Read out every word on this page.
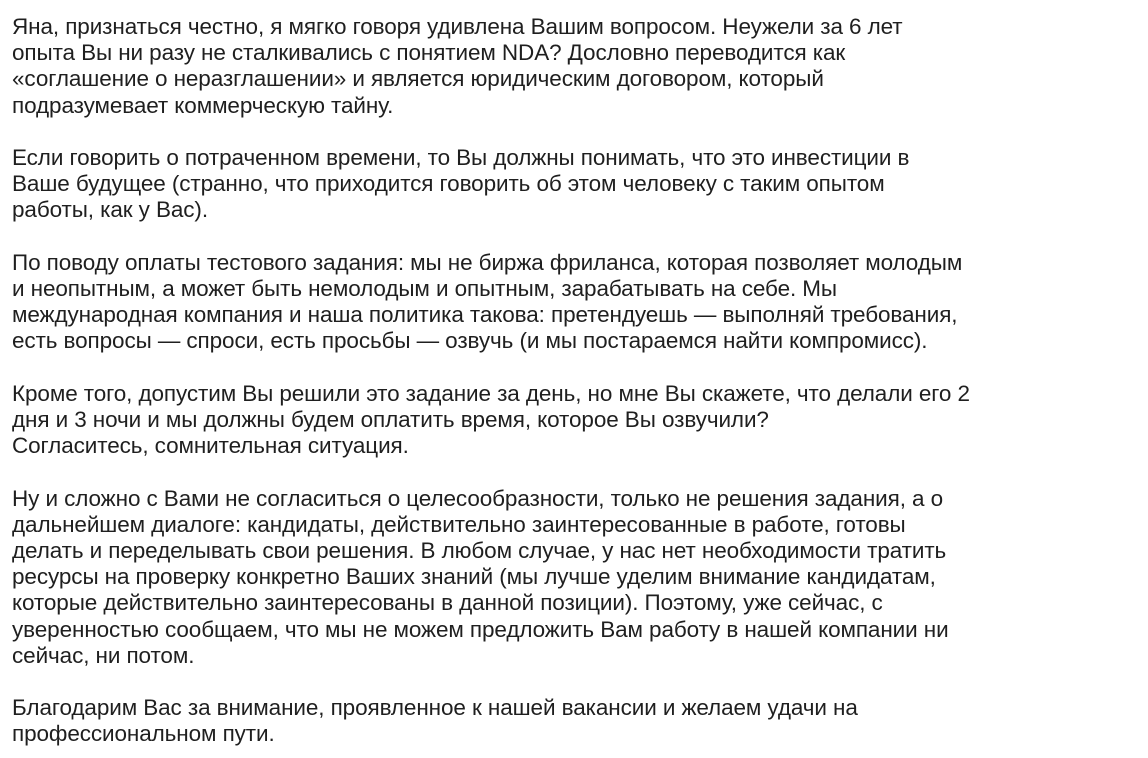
Яна, признаться честно, я мягко говоря удивлена Вашим вопросом. Неужели за 6 лет
опыта Вы ни разу не сталкивались с понятием NDA? Дословно переводится как
«соглашение о неразглашении» и является юридическим договором, который
подразумевает коммерческую тайну.

Если говорить о потраченном времени, то Вы должны понимать, что это инвестиции в
Ваше будущее (странно, что приходится говорить об этом человеку с таким опытом
работы, как у Вас).

По поводу оплаты тестового задания: мы не биржа фриланса, которая позволяет молодым
и неопытным, а может быть немолодым и опытным, зарабатывать на себе. Мы
международная компания и наша политика такова: претендуешь — выполняй требования,
есть вопросы — спроси, есть просьбы — озвучь (и мы постараемся найти компромисс).

Кроме того, допустим Вы решили это задание за день, но мне Вы скажете, что делали его 2
дня и 3 ночи и мы должны будем оплатить время, которое Вы озвучили?
Согласитесь, сомнительная ситуация.

Ну и сложно с Вами не согласиться о целесообразности, только не решения задания, а о
дальнейшем диалоге: кандидаты, действительно заинтересованные в работе, готовы
делать и переделывать свои решения. В любом случае, у нас нет необходимости тратить
ресурсы на проверку конкретно Ваших знаний (мы лучше уделим внимание кандидатам,
которые действительно заинтересованы в данной позиции). Поэтому, уже сейчас, с
уверенностью сообщаем, что мы не можем предложить Вам работу в нашей компании ни
сейчас, ни потом.

Благодарим Вас за внимание, проявленное к нашей вакансии и желаем удачи на
профессиональном пути.
